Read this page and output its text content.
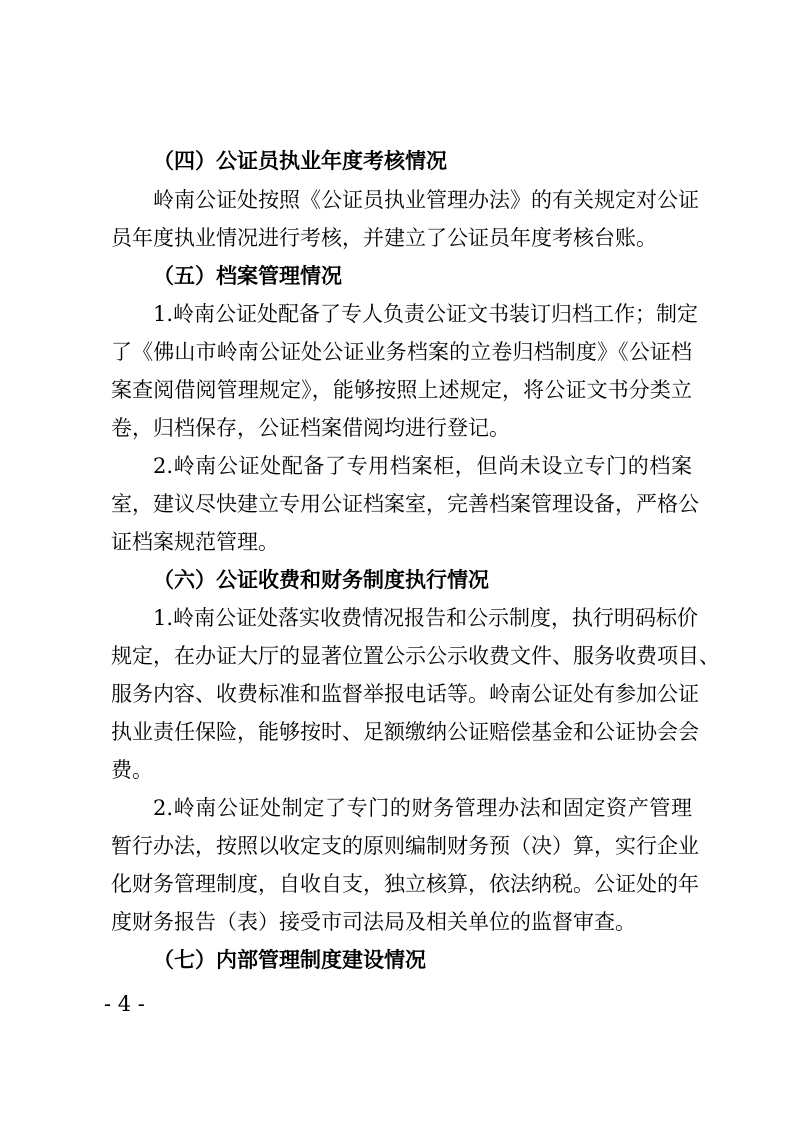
（四）公证员执业年度考核情况
岭南公证处按照《公证员执业管理办法》的有关规定对公证
员年度执业情况进行考核，并建立了公证员年度考核台账。
（五）档案管理情况
1.岭南公证处配备了专人负责公证文书装订归档工作；制定
了《佛山市岭南公证处公证业务档案的立卷归档制度》《公证档
案查阅借阅管理规定》，能够按照上述规定，将公证文书分类立
卷，归档保存，公证档案借阅均进行登记。
2.岭南公证处配备了专用档案柜，但尚未设立专门的档案
室，建议尽快建立专用公证档案室，完善档案管理设备，严格公
证档案规范管理。
（六）公证收费和财务制度执行情况
1.岭南公证处落实收费情况报告和公示制度，执行明码标价
规定，在办证大厅的显著位置公示公示收费文件、服务收费项目、
服务内容、收费标准和监督举报电话等。岭南公证处有参加公证
执业责任保险，能够按时、足额缴纳公证赔偿基金和公证协会会
费。
2.岭南公证处制定了专门的财务管理办法和固定资产管理
暂行办法，按照以收定支的原则编制财务预（决）算，实行企业
化财务管理制度，自收自支，独立核算，依法纳税。公证处的年
度财务报告（表）接受市司法局及相关单位的监督审查。
（七）内部管理制度建设情况
- 4 -
